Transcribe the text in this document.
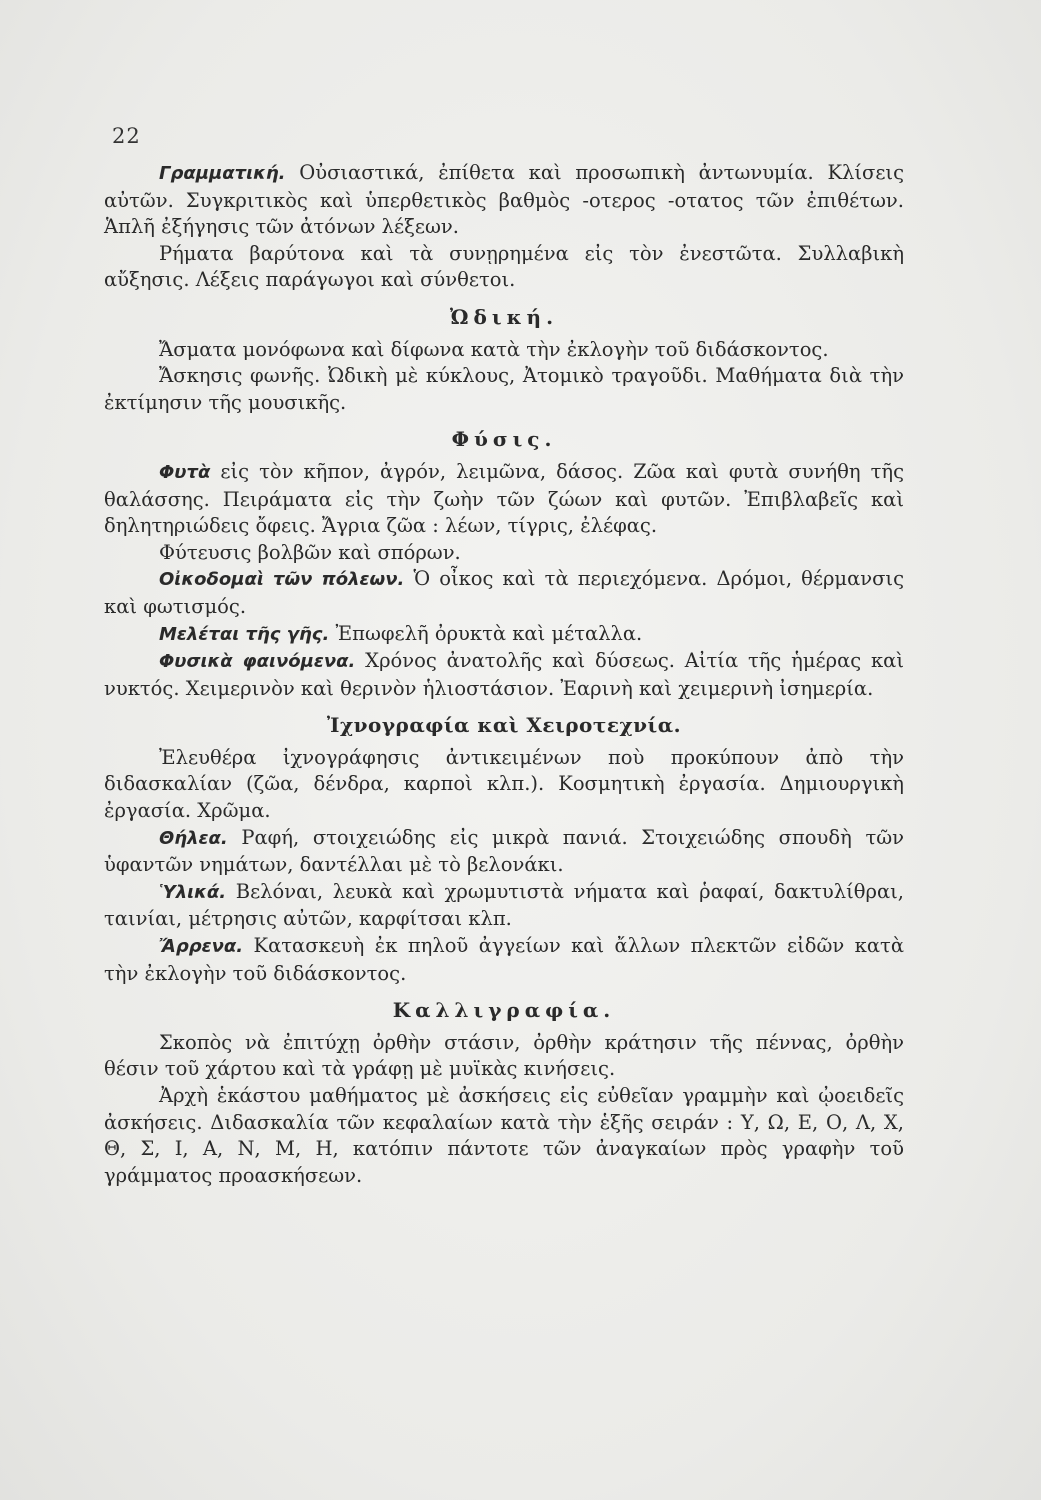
22

Γραμματική. Οὐσιαστικά, ἐπίθετα καὶ προσωπικὴ ἀντωνυμία. Κλίσεις αὐτῶν. Συγκριτικὸς καὶ ὑπερθετικὸς βαθμὸς -οτερος -οτατος τῶν ἐπιθέτων. Ἁπλῆ ἐξήγησις τῶν ἀτόνων λέξεων.

Ρήματα βαρύτονα καὶ τὰ συνῃρημένα εἰς τὸν ἐνεστῶτα. Συλλαβικὴ αὔξησις. Λέξεις παράγωγοι καὶ σύνθετοι.

Ὠδική.

Ἄσματα μονόφωνα καὶ δίφωνα κατὰ τὴν ἐκλογὴν τοῦ διδάσκοντος.

Ἄσκησις φωνῆς. Ὠδικὴ μὲ κύκλους, Ἀτομικὸ τραγοῦδι. Μαθήματα διὰ τὴν ἐκτίμησιν τῆς μουσικῆς.

Φύσις.

Φυτὰ εἰς τὸν κῆπον, ἀγρόν, λειμῶνα, δάσος. Ζῶα καὶ φυτὰ συνήθη τῆς θαλάσσης. Πειράματα εἰς τὴν ζωὴν τῶν ζώων καὶ φυτῶν. Ἐπιβλαβεῖς καὶ δηλητηριώδεις ὄφεις. Ἄγρια ζῶα : λέων, τίγρις, ἐλέφας.

Φύτευσις βολβῶν καὶ σπόρων.

Οἰκοδομαὶ τῶν πόλεων. Ὁ οἶκος καὶ τὰ περιεχόμενα. Δρόμοι, θέρμανσις καὶ φωτισμός.

Μελέται τῆς γῆς. Ἐπωφελῆ ὀρυκτὰ καὶ μέταλλα.

Φυσικὰ φαινόμενα. Χρόνος ἀνατολῆς καὶ δύσεως. Αἰτία τῆς ἡμέρας καὶ νυκτός. Χειμερινὸν καὶ θερινὸν ἡλιοστάσιον. Ἐαρινὴ καὶ χειμερινὴ ἰσημερία.

Ἰχνογραφία καὶ Χειροτεχνία.

Ἐλευθέρα ἰχνογράφησις ἀντικειμένων ποὺ προκύπουν ἀπὸ τὴν διδασκαλίαν (ζῶα, δένδρα, καρποὶ κλπ.). Κοσμητικὴ ἐργασία. Δημιουργικὴ ἐργασία. Χρῶμα.

Θήλεα. Ραφή, στοιχειώδης εἰς μικρὰ πανιά. Στοιχειώδης σπουδὴ τῶν ὑφαντῶν νημάτων, δαντέλλαι μὲ τὸ βελονάκι.

Ὑλικά. Βελόναι, λευκὰ καὶ χρωμυτιστὰ νήματα καὶ ῥαφαί, δακτυλίθραι, ταινίαι, μέτρησις αὐτῶν, καρφίτσαι κλπ.

Ἄρρενα. Κατασκευὴ ἐκ πηλοῦ ἀγγείων καὶ ἄλλων πλεκτῶν εἰδῶν κατὰ τὴν ἐκλογὴν τοῦ διδάσκοντος.

Καλλιγραφία.

Σκοπὸς νὰ ἐπιτύχῃ ὀρθὴν στάσιν, ὀρθὴν κράτησιν τῆς πέννας, ὀρθὴν θέσιν τοῦ χάρτου καὶ τὰ γράφῃ μὲ μυϊκὰς κινήσεις.

Ἀρχὴ ἑκάστου μαθήματος μὲ ἀσκήσεις εἰς εὐθεῖαν γραμμὴν καὶ ᾠοειδεῖς ἀσκήσεις. Διδασκαλία τῶν κεφαλαίων κατὰ τὴν ἑξῆς σειράν : Υ, Ω, Ε, Ο, Λ, Χ, Θ, Σ, Ι, Α, Ν, Μ, Η, κατόπιν πάντοτε τῶν ἀναγκαίων πρὸς γραφὴν τοῦ γράμματος προασκήσεων.
